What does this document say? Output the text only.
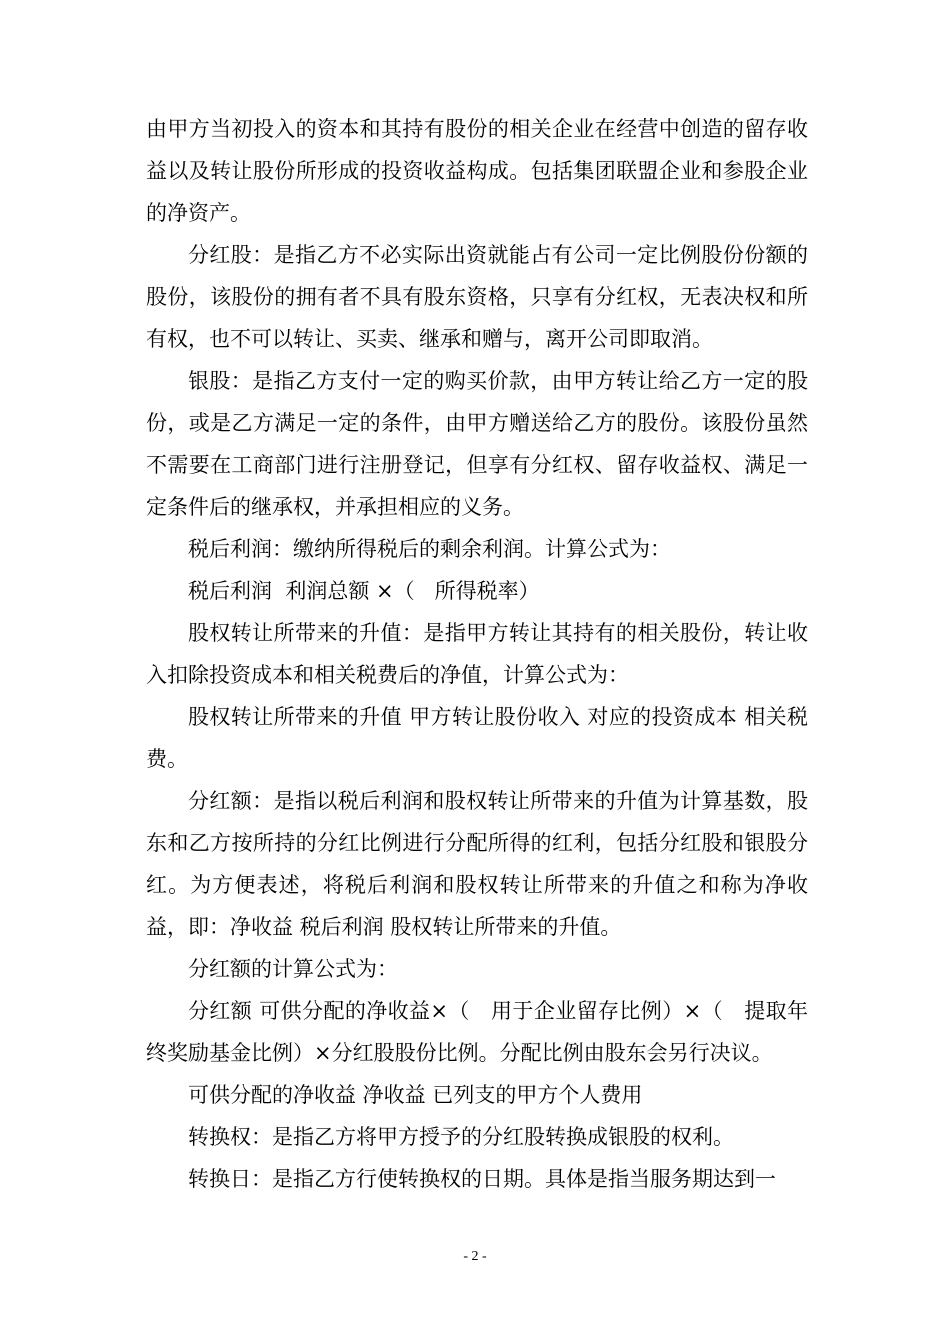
由甲方当初投入的资本和其持有股份的相关企业在经营中创造的留存收益以及转让股份所形成的投资收益构成。包括集团联盟企业和参股企业的净资产。

分红股：是指乙方不必实际出资就能占有公司一定比例股份份额的股份，该股份的拥有者不具有股东资格，只享有分红权，无表决权和所有权，也不可以转让、买卖、继承和赠与，离开公司即取消。

银股：是指乙方支付一定的购买价款，由甲方转让给乙方一定的股份，或是乙方满足一定的条件，由甲方赠送给乙方的股份。该股份虽然不需要在工商部门进行注册登记，但享有分红权、留存收益权、满足一定条件后的继承权，并承担相应的义务。

税后利润：缴纳所得税后的剩余利润。计算公式为：

税后利润  利润总额 ×（   所得税率）

股权转让所带来的升值：是指甲方转让其持有的相关股份，转让收入扣除投资成本和相关税费后的净值，计算公式为：

股权转让所带来的升值 甲方转让股份收入 对应的投资成本 相关税费。

分红额：是指以税后利润和股权转让所带来的升值为计算基数，股东和乙方按所持的分红比例进行分配所得的红利，包括分红股和银股分红。为方便表述，将税后利润和股权转让所带来的升值之和称为净收益，即：净收益 税后利润 股权转让所带来的升值。

分红额的计算公式为：

分红额 可供分配的净收益×（   用于企业留存比例）×（   提取年终奖励基金比例）×分红股股份比例。分配比例由股东会另行决议。

可供分配的净收益 净收益 已列支的甲方个人费用

转换权：是指乙方将甲方授予的分红股转换成银股的权利。

转换日：是指乙方行使转换权的日期。具体是指当服务期达到一

- 2 -
